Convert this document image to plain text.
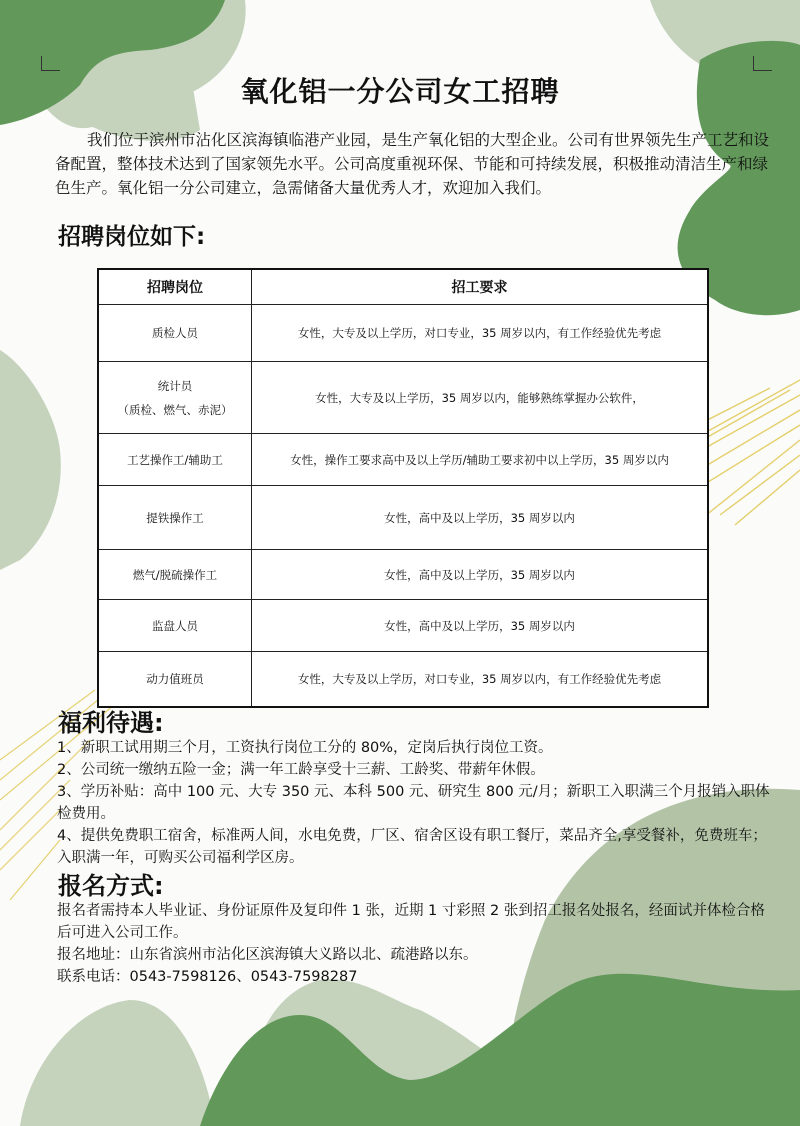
氧化铝一分公司女工招聘
我们位于滨州市沾化区滨海镇临港产业园，是生产氧化铝的大型企业。公司有世界领先生产工艺和设备配置，整体技术达到了国家领先水平。公司高度重视环保、节能和可持续发展，积极推动清洁生产和绿色生产。氧化铝一分公司建立，急需储备大量优秀人才，欢迎加入我们。
招聘岗位如下:
招聘岗位	招工要求
质检人员	女性，大专及以上学历，对口专业，35 周岁以内，有工作经验优先考虑

统计员
（质检、燃气、赤泥）	女性，大专及以上学历，35 周岁以内，能够熟练掌握办公软件，
工艺操作工/辅助工	女性，操作工要求高中及以上学历/辅助工要求初中以上学历，35 周岁以内
提铁操作工	女性，高中及以上学历，35 周岁以内
燃气/脱硫操作工	女性，高中及以上学历，35 周岁以内
监盘人员	女性，高中及以上学历，35 周岁以内
动力值班员	女性，大专及以上学历，对口专业，35 周岁以内，有工作经验优先考虑
福利待遇:

1、新职工试用期三个月，工资执行岗位工分的 80%，定岗后执行岗位工资。

2、公司统一缴纳五险一金；满一年工龄享受十三薪、工龄奖、带薪年休假。

3、学历补贴：高中 100 元、大专 350 元、本科 500 元、研究生 800 元/月；新职工入职满三个月报销入职体检费用。

4、提供免费职工宿舍，标准两人间，水电免费，厂区、宿舍区设有职工餐厅，菜品齐全,享受餐补，免费班车；入职满一年，可购买公司福利学区房。

报名方式:

报名者需持本人毕业证、身份证原件及复印件 1 张，近期 1 寸彩照 2 张到招工报名处报名，经面试并体检合格后可进入公司工作。

报名地址：山东省滨州市沾化区滨海镇大义路以北、疏港路以东。

联系电话：0543-7598126、0543-7598287
